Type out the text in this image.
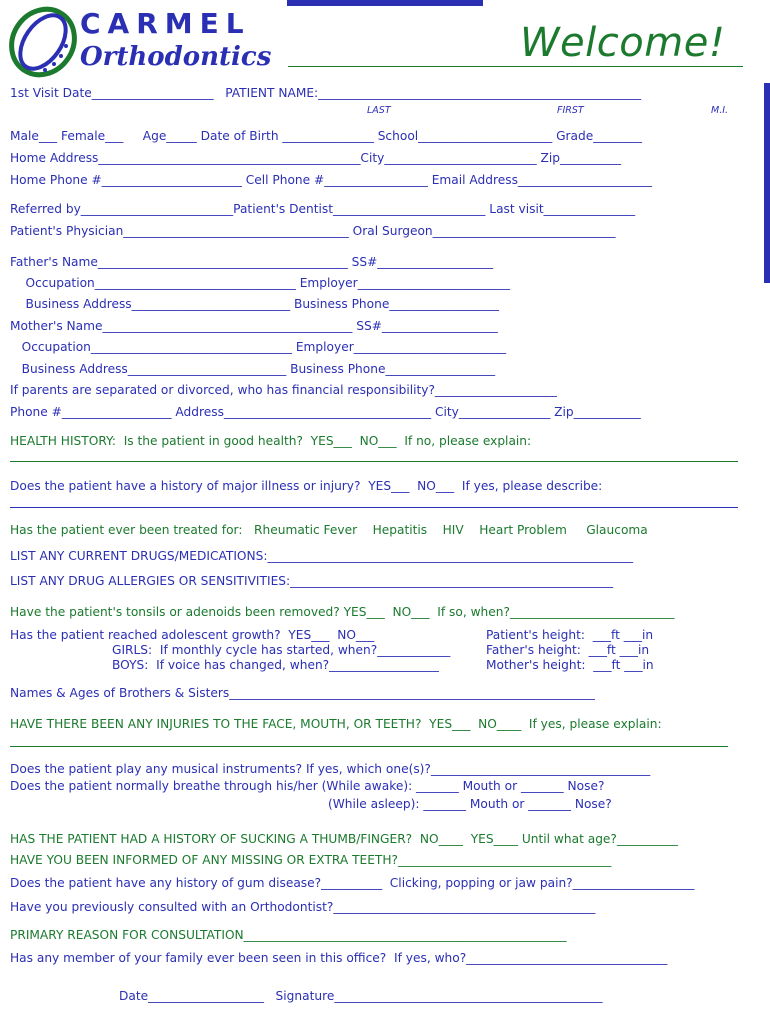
CARMEL
Orthodontics	Welcome!
1st Visit Date____________________   PATIENT NAME:_____________________________________________________
LAST	FIRST	M.I.
Male___ Female___     Age_____ Date of Birth _______________ School______________________ Grade________
Home Address___________________________________________City_________________________ Zip__________
Home Phone #_______________________ Cell Phone #_________________ Email Address______________________
Referred by_________________________Patient's Dentist_________________________ Last visit_______________
Patient's Physician_____________________________________ Oral Surgeon______________________________
Father's Name_________________________________________ SS#___________________
Occupation_________________________________ Employer_________________________
Business Address__________________________ Business Phone__________________
Mother's Name_________________________________________ SS#___________________
Occupation_________________________________ Employer_________________________
Business Address__________________________ Business Phone__________________
If parents are separated or divorced, who has financial responsibility?____________________
Phone #__________________ Address__________________________________ City_______________ Zip___________
HEALTH HISTORY:  Is the patient in good health?  YES___  NO___  If no, please explain:
Does the patient have a history of major illness or injury?  YES___  NO___  If yes, please describe:
Has the patient ever been treated for:   Rheumatic Fever    Hepatitis    HIV    Heart Problem     Glaucoma
LIST ANY CURRENT DRUGS/MEDICATIONS:____________________________________________________________
LIST ANY DRUG ALLERGIES OR SENSITIVITIES:_____________________________________________________
Have the patient's tonsils or adenoids been removed? YES___  NO___  If so, when?___________________________
Has the patient reached adolescent growth?  YES___  NO___
GIRLS:  If monthly cycle has started, when?____________
BOYS:  If voice has changed, when?__________________
Patient's height:  ___ft ___in
Father's height:  ___ft ___in
Mother's height:  ___ft ___in
Names & Ages of Brothers & Sisters____________________________________________________________
HAVE THERE BEEN ANY INJURIES TO THE FACE, MOUTH, OR TEETH?  YES___  NO____  If yes, please explain:
Does the patient play any musical instruments? If yes, which one(s)?____________________________________
Does the patient normally breathe through his/her (While awake): _______ Mouth or _______ Nose?
(While asleep): _______ Mouth or _______ Nose?
HAS THE PATIENT HAD A HISTORY OF SUCKING A THUMB/FINGER?  NO____  YES____ Until what age?__________
HAVE YOU BEEN INFORMED OF ANY MISSING OR EXTRA TEETH?___________________________________
Does the patient have any history of gum disease?__________  Clicking, popping or jaw pain?____________________
Have you previously consulted with an Orthodontist?___________________________________________
PRIMARY REASON FOR CONSULTATION_____________________________________________________
Has any member of your family ever been seen in this office?  If yes, who?_________________________________
Date___________________   Signature____________________________________________
